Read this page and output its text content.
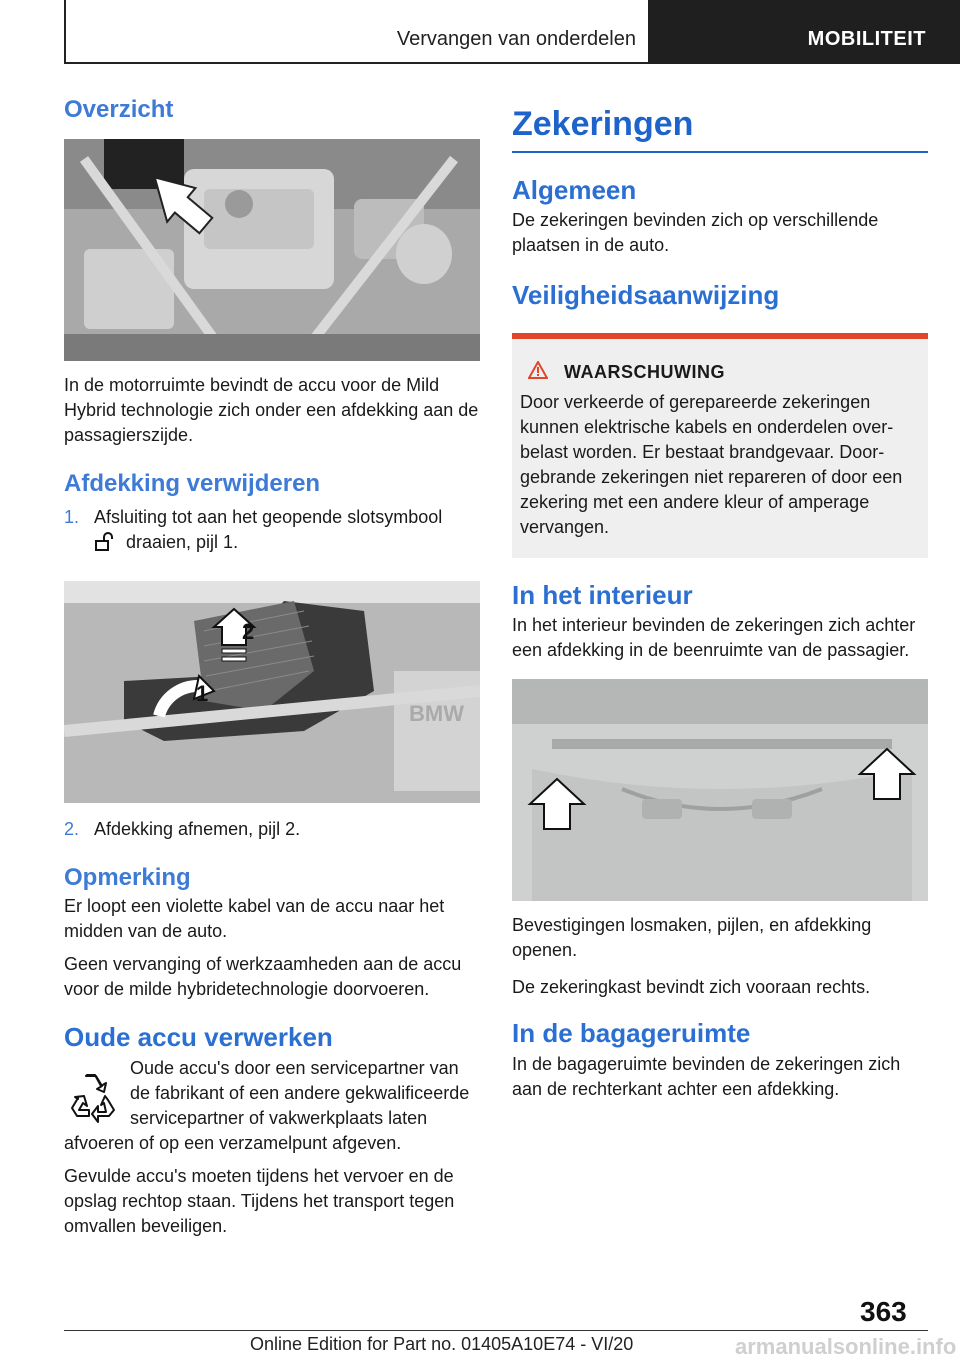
Vervangen van onderdelen	MOBILITEIT
Overzicht

In de motorruimte bevindt de accu voor de Mild Hybrid technologie zich onder een afdekking aan de passagierszijde.

Afdekking verwijderen
1. Afsluiting tot aan het geopende slotsymbool
draaien, pijl 1.
BMW
2
1
2. Afdekking afnemen, pijl 2.
Opmerking

Er loopt een violette kabel van de accu naar het midden van de auto.

Geen vervanging of werkzaamheden aan de accu voor de milde hybridetechnologie doorvoeren.

Oude accu verwerken

Oude accu's door een servicepartner van de fabrikant of een andere gekwalificeerde servicepartner of vakwerkplaats laten afvoeren of op een verzamelpunt afgeven.

Gevulde accu's moeten tijdens het vervoer en de opslag rechtop staan. Tijdens het transport tegen omvallen beveiligen.

Zekeringen
Algemeen

De zekeringen bevinden zich op verschillende plaatsen in de auto.

Veiligheidsaanwijzing
WAARSCHUWING

Door verkeerde of gerepareerde zekeringen kunnen elektrische kabels en onderdelen overbelast worden. Er bestaat brandgevaar. Doorgebrande zekeringen niet repareren of door een zekering met een andere kleur of amperage vervangen.

In het interieur

In het interieur bevinden de zekeringen zich achter een afdekking in de beenruimte van de passagier.

Bevestigingen losmaken, pijlen, en afdekking openen.

De zekeringkast bevindt zich vooraan rechts.

In de bagageruimte

In de bagageruimte bevinden de zekeringen zich aan de rechterkant achter een afdekking.

363
Online Edition for Part no. 01405A10E74 - VI/20	armanualsonline.info
